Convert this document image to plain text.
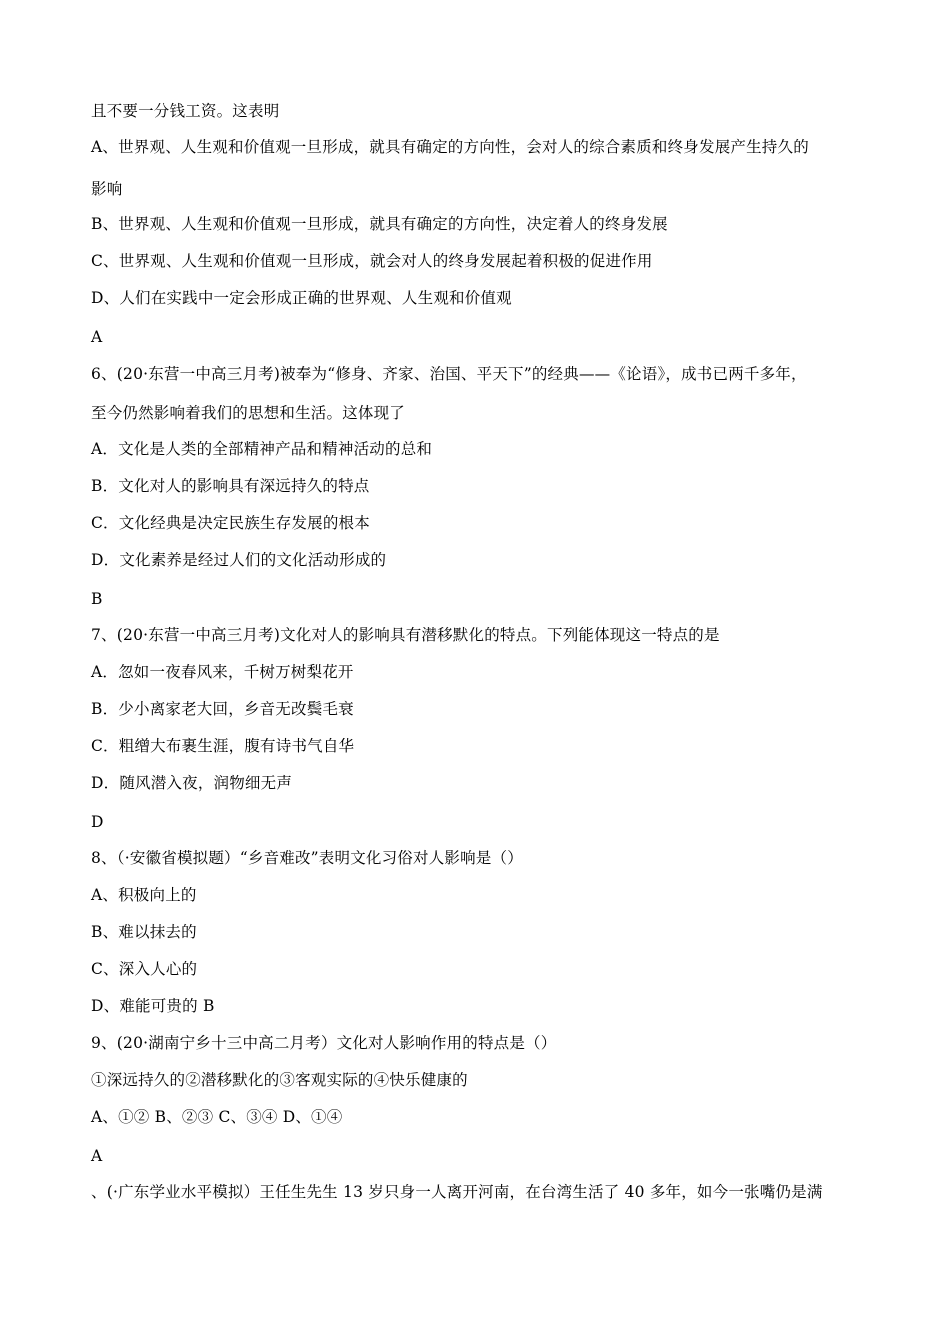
且不要一分钱工资。这表明
A、世界观、人生观和价值观一旦形成，就具有确定的方向性，会对人的综合素质和终身发展产生持久的
影响
B、世界观、人生观和价值观一旦形成，就具有确定的方向性，决定着人的终身发展
C、世界观、人生观和价值观一旦形成，就会对人的终身发展起着积极的促进作用
D、人们在实践中一定会形成正确的世界观、人生观和价值观
A
6、(20·东营一中高三月考)被奉为“修身、齐家、治国、平天下”的经典——《论语》，成书已两千多年，
至今仍然影响着我们的思想和生活。这体现了
A．文化是人类的全部精神产品和精神活动的总和
B．文化对人的影响具有深远持久的特点
C．文化经典是决定民族生存发展的根本
D．文化素养是经过人们的文化活动形成的
B
7、(20·东营一中高三月考)文化对人的影响具有潜移默化的特点。下列能体现这一特点的是
A．忽如一夜春风来，千树万树梨花开
B．少小离家老大回，乡音无改鬓毛衰
C．粗缯大布裹生涯，腹有诗书气自华
D．随风潜入夜，润物细无声
D
8、（·安徽省模拟题）“乡音难改”表明文化习俗对人影响是（）
A、积极向上的
B、难以抹去的
C、深入人心的
D、难能可贵的 B
9、(20·湖南宁乡十三中高二月考）文化对人影响作用的特点是（）
①深远持久的②潜移默化的③客观实际的④快乐健康的
A、①② B、②③ C、③④ D、①④
A
、(·广东学业水平模拟）王任生先生 13 岁只身一人离开河南，在台湾生活了 40 多年，如今一张嘴仍是满
